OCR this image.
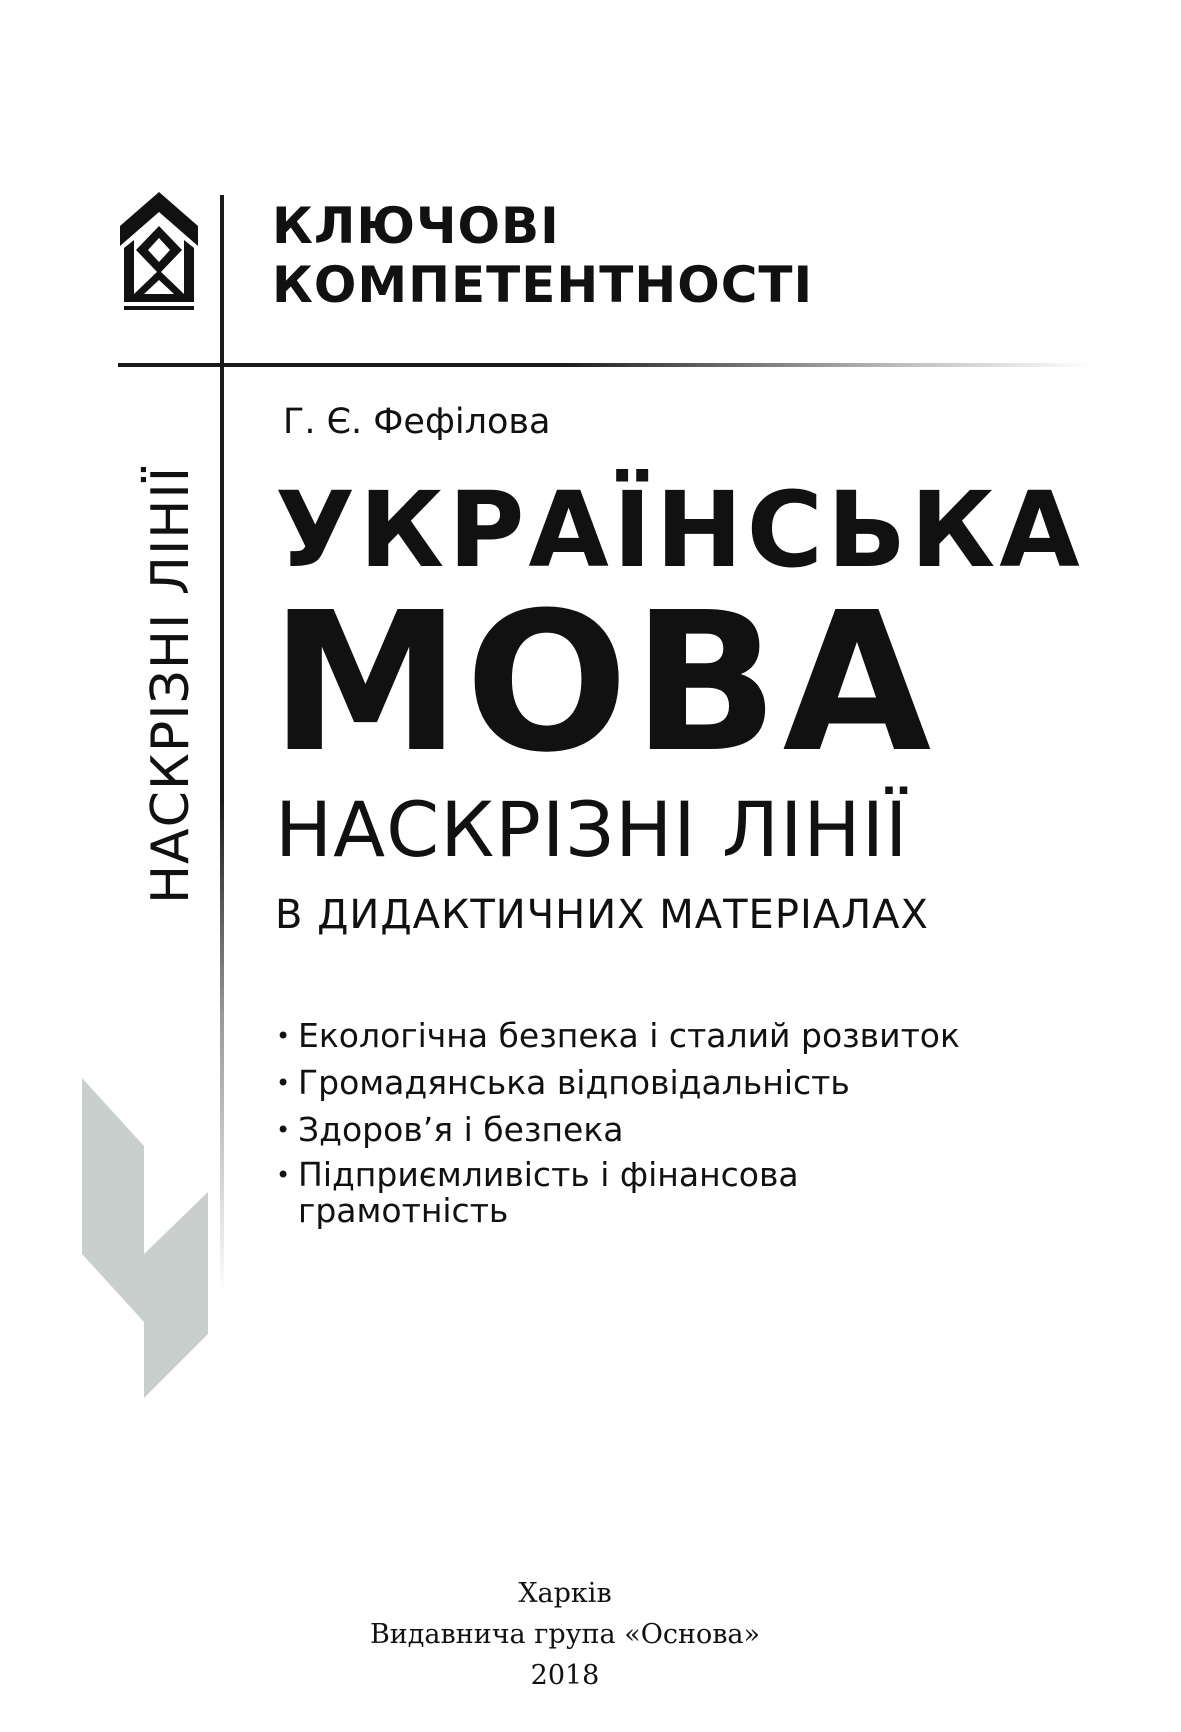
КЛЮЧОВІ
КОМПЕТЕНТНОСТІ
НАСКРІЗНІ ЛІНІЇ
Г. Є. Фефілова
УКРАЇНСЬКА
МОВА
НАСКРІЗНІ ЛІНІЇ
В ДИДАКТИЧНИХ МАТЕРІАЛАХ
• Екологічна безпека і сталий розвиток
• Громадянська відповідальність
• Здоров’я і безпека
• Підприємливість і фінансова
грамотність
Харків
Видавнича група «Основа»
2018
